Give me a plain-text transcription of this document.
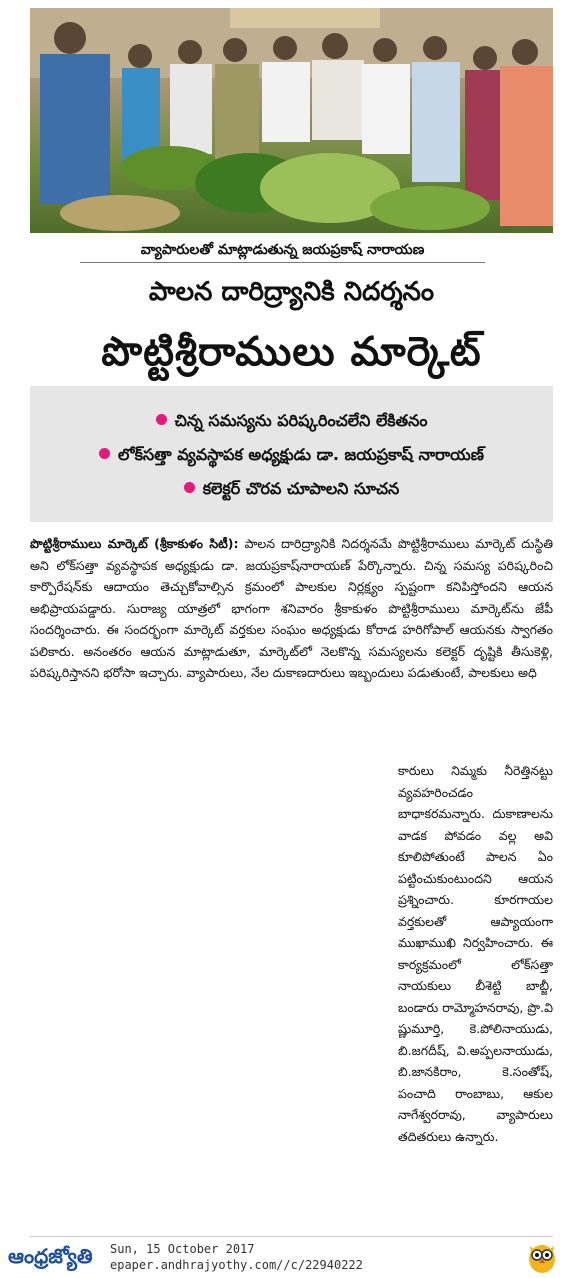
వ్యాపారులతో మాట్లాడుతున్న జయప్రకాష్ నారాయణ
పాలన దారిద్ర్యానికి నిదర్శనం
పొట్టిశ్రీరాములు మార్కెట్
చిన్న సమస్యను పరిష్కరించలేని లేకితనం
లోక్‌సత్తా వ్యవస్థాపక అధ్యక్షుడు డా. జయప్రకాష్ నారాయణ్
కలెక్టర్ చొరవ చూపాలని సూచన
పొట్టిశ్రీరాములు మార్కెట్ (శ్రీకాకుళం సిటీ): పాలన దారిద్ర్యానికి నిదర్శనమే పొట్టిశ్రీరాములు మార్కెట్ దుస్థితి అని లోక్‌సత్తా వ్యవస్థాపక అధ్యక్షుడు డా. జయప్రకాష్‌నారాయణ్ పేర్కొన్నారు. చిన్న సమస్య పరిష్కరించి కార్పొరేషన్‌కు ఆదాయం తెచ్చుకోవాల్సిన క్రమంలో పాలకుల నిర్లక్ష్యం స్పష్టంగా కనిపిస్తోందని ఆయన అభిప్రాయపడ్డారు. సురాజ్య యాత్రలో భాగంగా శనివారం శ్రీకాకుళం పొట్టిశ్రీరాములు మార్కెట్‌ను జేపీ సందర్శించారు. ఈ సందర్భంగా మార్కెట్ వర్తకుల సంఘం అధ్యక్షుడు కోరాడ హరిగోపాల్ ఆయనకు స్వాగతం పలికారు. అనంతరం ఆయన మాట్లాడుతూ, మార్కెట్‌లో నెలకొన్న సమస్యలను కలెక్టర్ దృష్టికి తీసుకెళ్లి, పరిష్కరిస్తానని భరోసా ఇచ్చారు. వ్యాపారులు, నేల దుకాణదారులు ఇబ్బందులు పడుతుంటే, పాలకులు అధి
కారులు నిమ్మకు నీరెత్తినట్టు వ్యవహరించడం బాధాకరమన్నారు. దుకాణాలను వాడక పోవడం వల్ల అవి కూలిపోతుంటే పాలన ఏం పట్టించుకుంటుందని ఆయన ప్రశ్నించారు. కూరగాయల వర్తకులతో ఆప్యాయంగా ముఖాముఖి నిర్వహించారు. ఈ కార్యక్రమంలో లోక్‌సత్తా నాయకులు బీశెట్టి బాబ్జీ, బండారు రామ్మోహనరావు, ప్రొ.వి ష్ణుమూర్తి, కె.పోలినాయుడు, బి.జగదీష్, వి.అప్పలనాయుడు, బి.జానకిరాం, కె.సంతోష్, పంచాది రాంబాబు, ఆకుల నాగేశ్వరరావు, వ్యాపారులు తదితరులు ఉన్నారు.
ఆంధ్రజ్యోతి	Sun, 15 October 2017
epaper.andhrajyothy.com//c/22940222
